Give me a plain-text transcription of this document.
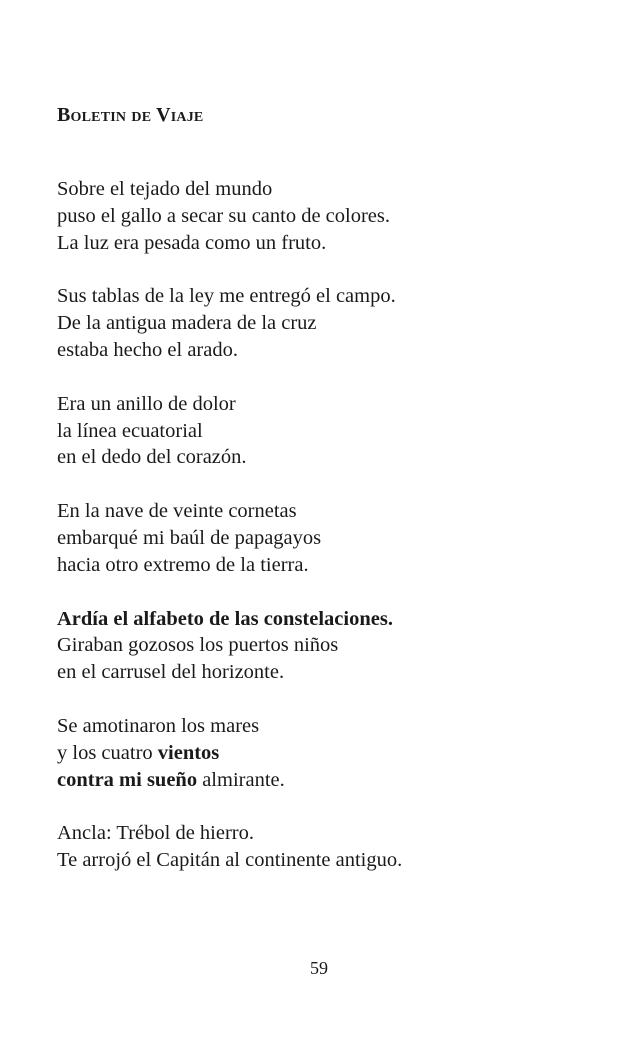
Boletin de Viaje
Sobre el tejado del mundo
puso el gallo a secar su canto de colores.
La luz era pesada como un fruto.
Sus tablas de la ley me entregó el campo.
De la antigua madera de la cruz
estaba hecho el arado.
Era un anillo de dolor
la línea ecuatorial
en el dedo del corazón.
En la nave de veinte cornetas
embarqué mi baúl de papagayos
hacia otro extremo de la tierra.
Ardía el alfabeto de las constelaciones.
Giraban gozosos los puertos niños
en el carrusel del horizonte.
Se amotinaron los mares
y los cuatro vientos
contra mi sueño almirante.
Ancla: Trébol de hierro.
Te arrojó el Capitán al continente antiguo.
59
